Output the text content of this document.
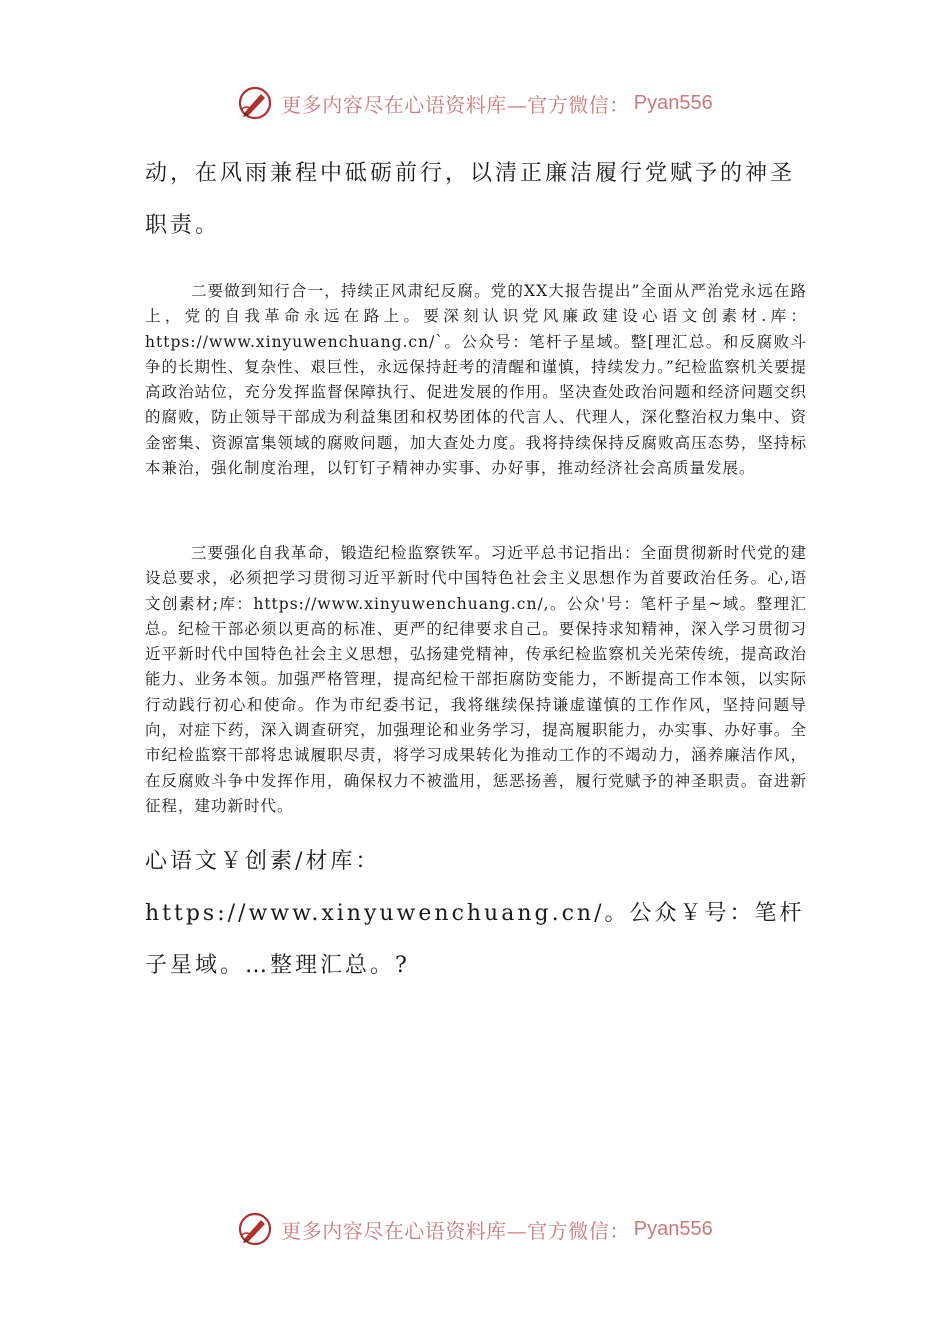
更多内容尽在心语资料库—官方微信： Pyan556

动，在风雨兼程中砥砺前行，以清正廉洁履行党赋予的神圣职责。

二要做到知行合一，持续正风肃纪反腐。党的XX大报告提出”全面从严治党永远在路上，党的自我革命永远在路上。要深刻认识党风廉政建设心语文创素材.库：https://www.xinyuwenchuang.cn/`。公众号：笔杆子星域。整[理汇总。和反腐败斗争的长期性、复杂性、艰巨性，永远保持赶考的清醒和谨慎，持续发力。”纪检监察机关要提高政治站位，充分发挥监督保障执行、促进发展的作用。坚决查处政治问题和经济问题交织的腐败，防止领导干部成为利益集团和权势团体的代言人、代理人，深化整治权力集中、资金密集、资源富集领域的腐败问题，加大查处力度。我将持续保持反腐败高压态势，坚持标本兼治，强化制度治理，以钉钉子精神办实事、办好事，推动经济社会高质量发展。

三要强化自我革命，锻造纪检监察铁军。习近平总书记指出：全面贯彻新时代党的建设总要求，必须把学习贯彻习近平新时代中国特色社会主义思想作为首要政治任务。心,语文创素材;库：https://www.xinyuwenchuang.cn/,。公众'号：笔杆子星~域。整理汇总。纪检干部必须以更高的标准、更严的纪律要求自己。要保持求知精神，深入学习贯彻习近平新时代中国特色社会主义思想，弘扬建党精神，传承纪检监察机关光荣传统，提高政治能力、业务本领。加强严格管理，提高纪检干部拒腐防变能力，不断提高工作本领，以实际行动践行初心和使命。作为市纪委书记，我将继续保持谦虚谨慎的工作作风，坚持问题导向，对症下药，深入调查研究，加强理论和业务学习，提高履职能力，办实事、办好事。全市纪检监察干部将忠诚履职尽责，将学习成果转化为推动工作的不竭动力，涵养廉洁作风，在反腐败斗争中发挥作用，确保权力不被滥用，惩恶扬善，履行党赋予的神圣职责。奋进新征程，建功新时代。

心语文￥创素/材库：https://www.xinyuwenchuang.cn/。公众￥号：笔杆子星域。…整理汇总。?

更多内容尽在心语资料库—官方微信： Pyan556
